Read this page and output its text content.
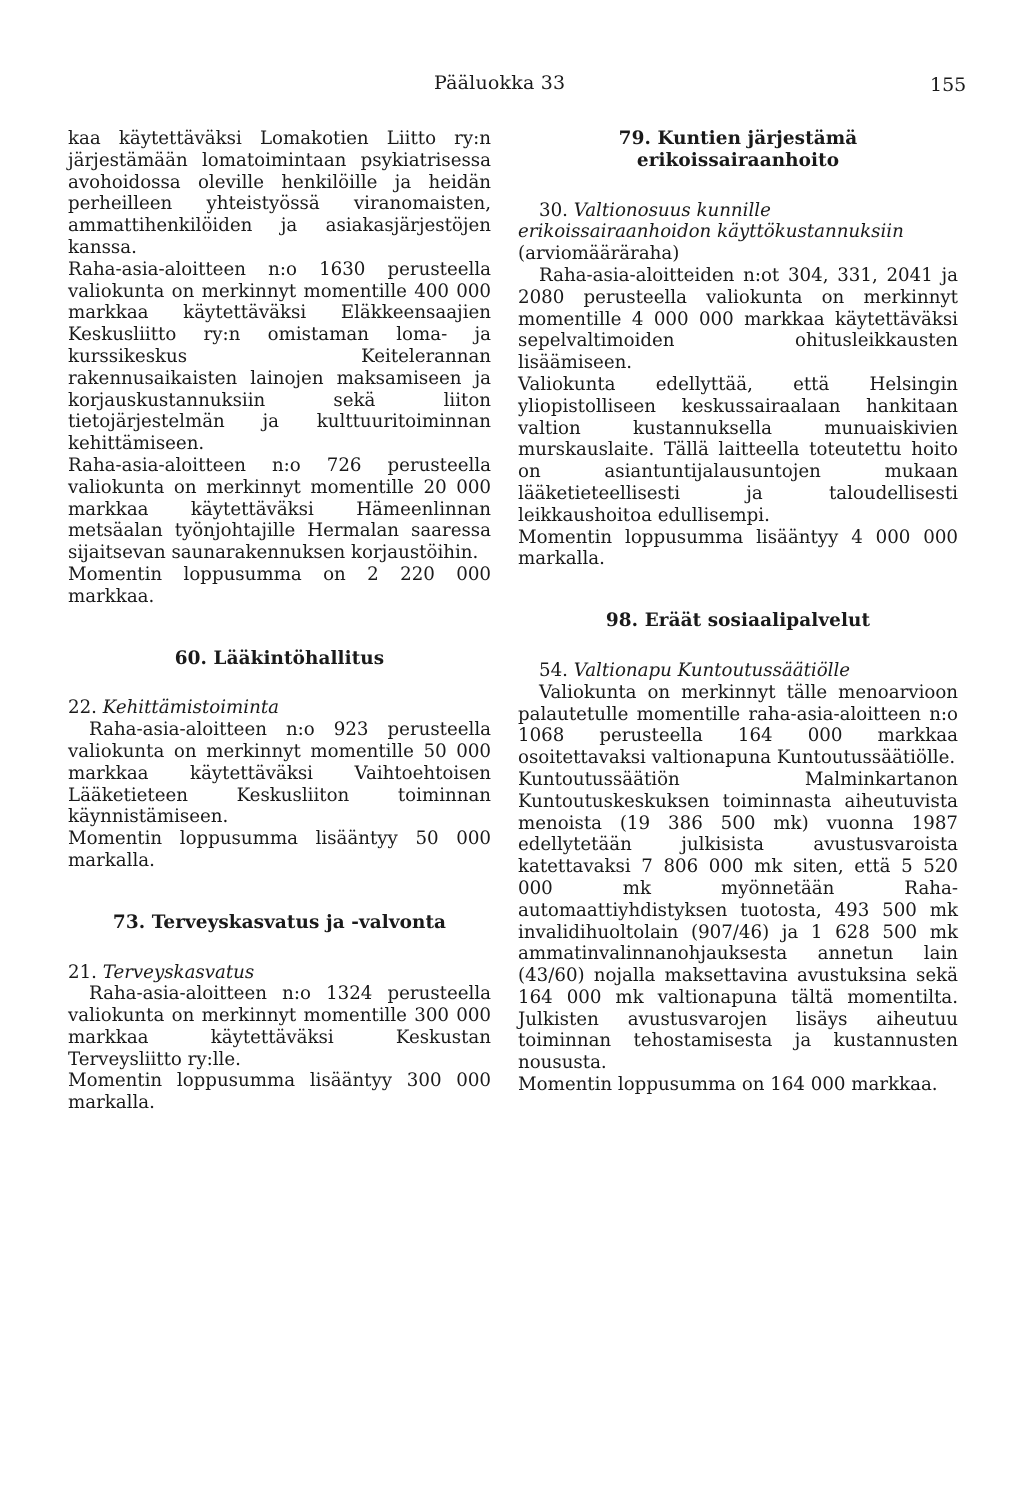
Pääluokka 33	155

kaa käytettäväksi Lomakotien Liitto ry:n järjestämään lomatoimintaan psykiatrisessa avohoidossa oleville henkilöille ja heidän perheilleen yhteistyössä viranomaisten, ammattihenkilöiden ja asiakasjärjestöjen kanssa.

Raha-asia-aloitteen n:o 1630 perusteella valiokunta on merkinnyt momentille 400 000 markkaa käytettäväksi Eläkkeensaajien Keskusliitto ry:n omistaman loma- ja kurssikeskus Keitelerannan rakennusaikaisten lainojen maksamiseen ja korjauskustannuksiin sekä liiton tietojärjestelmän ja kulttuuritoiminnan kehittämiseen.

Raha-asia-aloitteen n:o 726 perusteella valiokunta on merkinnyt momentille 20 000 markkaa käytettäväksi Hämeenlinnan metsäalan työnjohtajille Hermalan saaressa sijaitsevan saunarakennuksen korjaustöihin.

Momentin loppusumma on 2 220 000 markkaa.

60. Lääkintöhallitus

22. Kehittämistoiminta

Raha-asia-aloitteen n:o 923 perusteella valiokunta on merkinnyt momentille 50 000 markkaa käytettäväksi Vaihtoehtoisen Lääketieteen Keskusliiton toiminnan käynnistämiseen.

Momentin loppusumma lisääntyy 50 000 markalla.

73. Terveyskasvatus ja -valvonta

21. Terveyskasvatus

Raha-asia-aloitteen n:o 1324 perusteella valiokunta on merkinnyt momentille 300 000 markkaa käytettäväksi Keskustan Terveysliitto ry:lle.

Momentin loppusumma lisääntyy 300 000 markalla.

79. Kuntien järjestämä erikoissairaanhoito

30. Valtionosuus kunnille erikoissairaanhoidon käyttökustannuksiin (arviomääräraha)

Raha-asia-aloitteiden n:ot 304, 331, 2041 ja 2080 perusteella valiokunta on merkinnyt momentille 4 000 000 markkaa käytettäväksi sepelvaltimoiden ohitusleikkausten lisäämiseen.

Valiokunta edellyttää, että Helsingin yliopistolliseen keskussairaalaan hankitaan valtion kustannuksella munuaiskivien murskauslaite. Tällä laitteella toteutettu hoito on asiantuntijalausuntojen mukaan lääketieteellisesti ja taloudellisesti leikkaushoitoa edullisempi.

Momentin loppusumma lisääntyy 4 000 000 markalla.

98. Eräät sosiaalipalvelut

54. Valtionapu Kuntoutussäätiölle

Valiokunta on merkinnyt tälle menoarvioon palautetulle momentille raha-asia-aloitteen n:o 1068 perusteella 164 000 markkaa osoitettavaksi valtionapuna Kuntoutussäätiölle.

Kuntoutussäätiön Malminkartanon Kuntoutuskeskuksen toiminnasta aiheutuvista menoista (19 386 500 mk) vuonna 1987 edellytetään julkisista avustusvaroista katettavaksi 7 806 000 mk siten, että 5 520 000 mk myönnetään Raha-automaattiyhdistyksen tuotosta, 493 500 mk invalidihuoltolain (907/46) ja 1 628 500 mk ammatinvalinnanohjauksesta annetun lain (43/60) nojalla maksettavina avustuksina sekä 164 000 mk valtionapuna tältä momentilta. Julkisten avustusvarojen lisäys aiheutuu toiminnan tehostamisesta ja kustannusten noususta.

Momentin loppusumma on 164 000 markkaa.
